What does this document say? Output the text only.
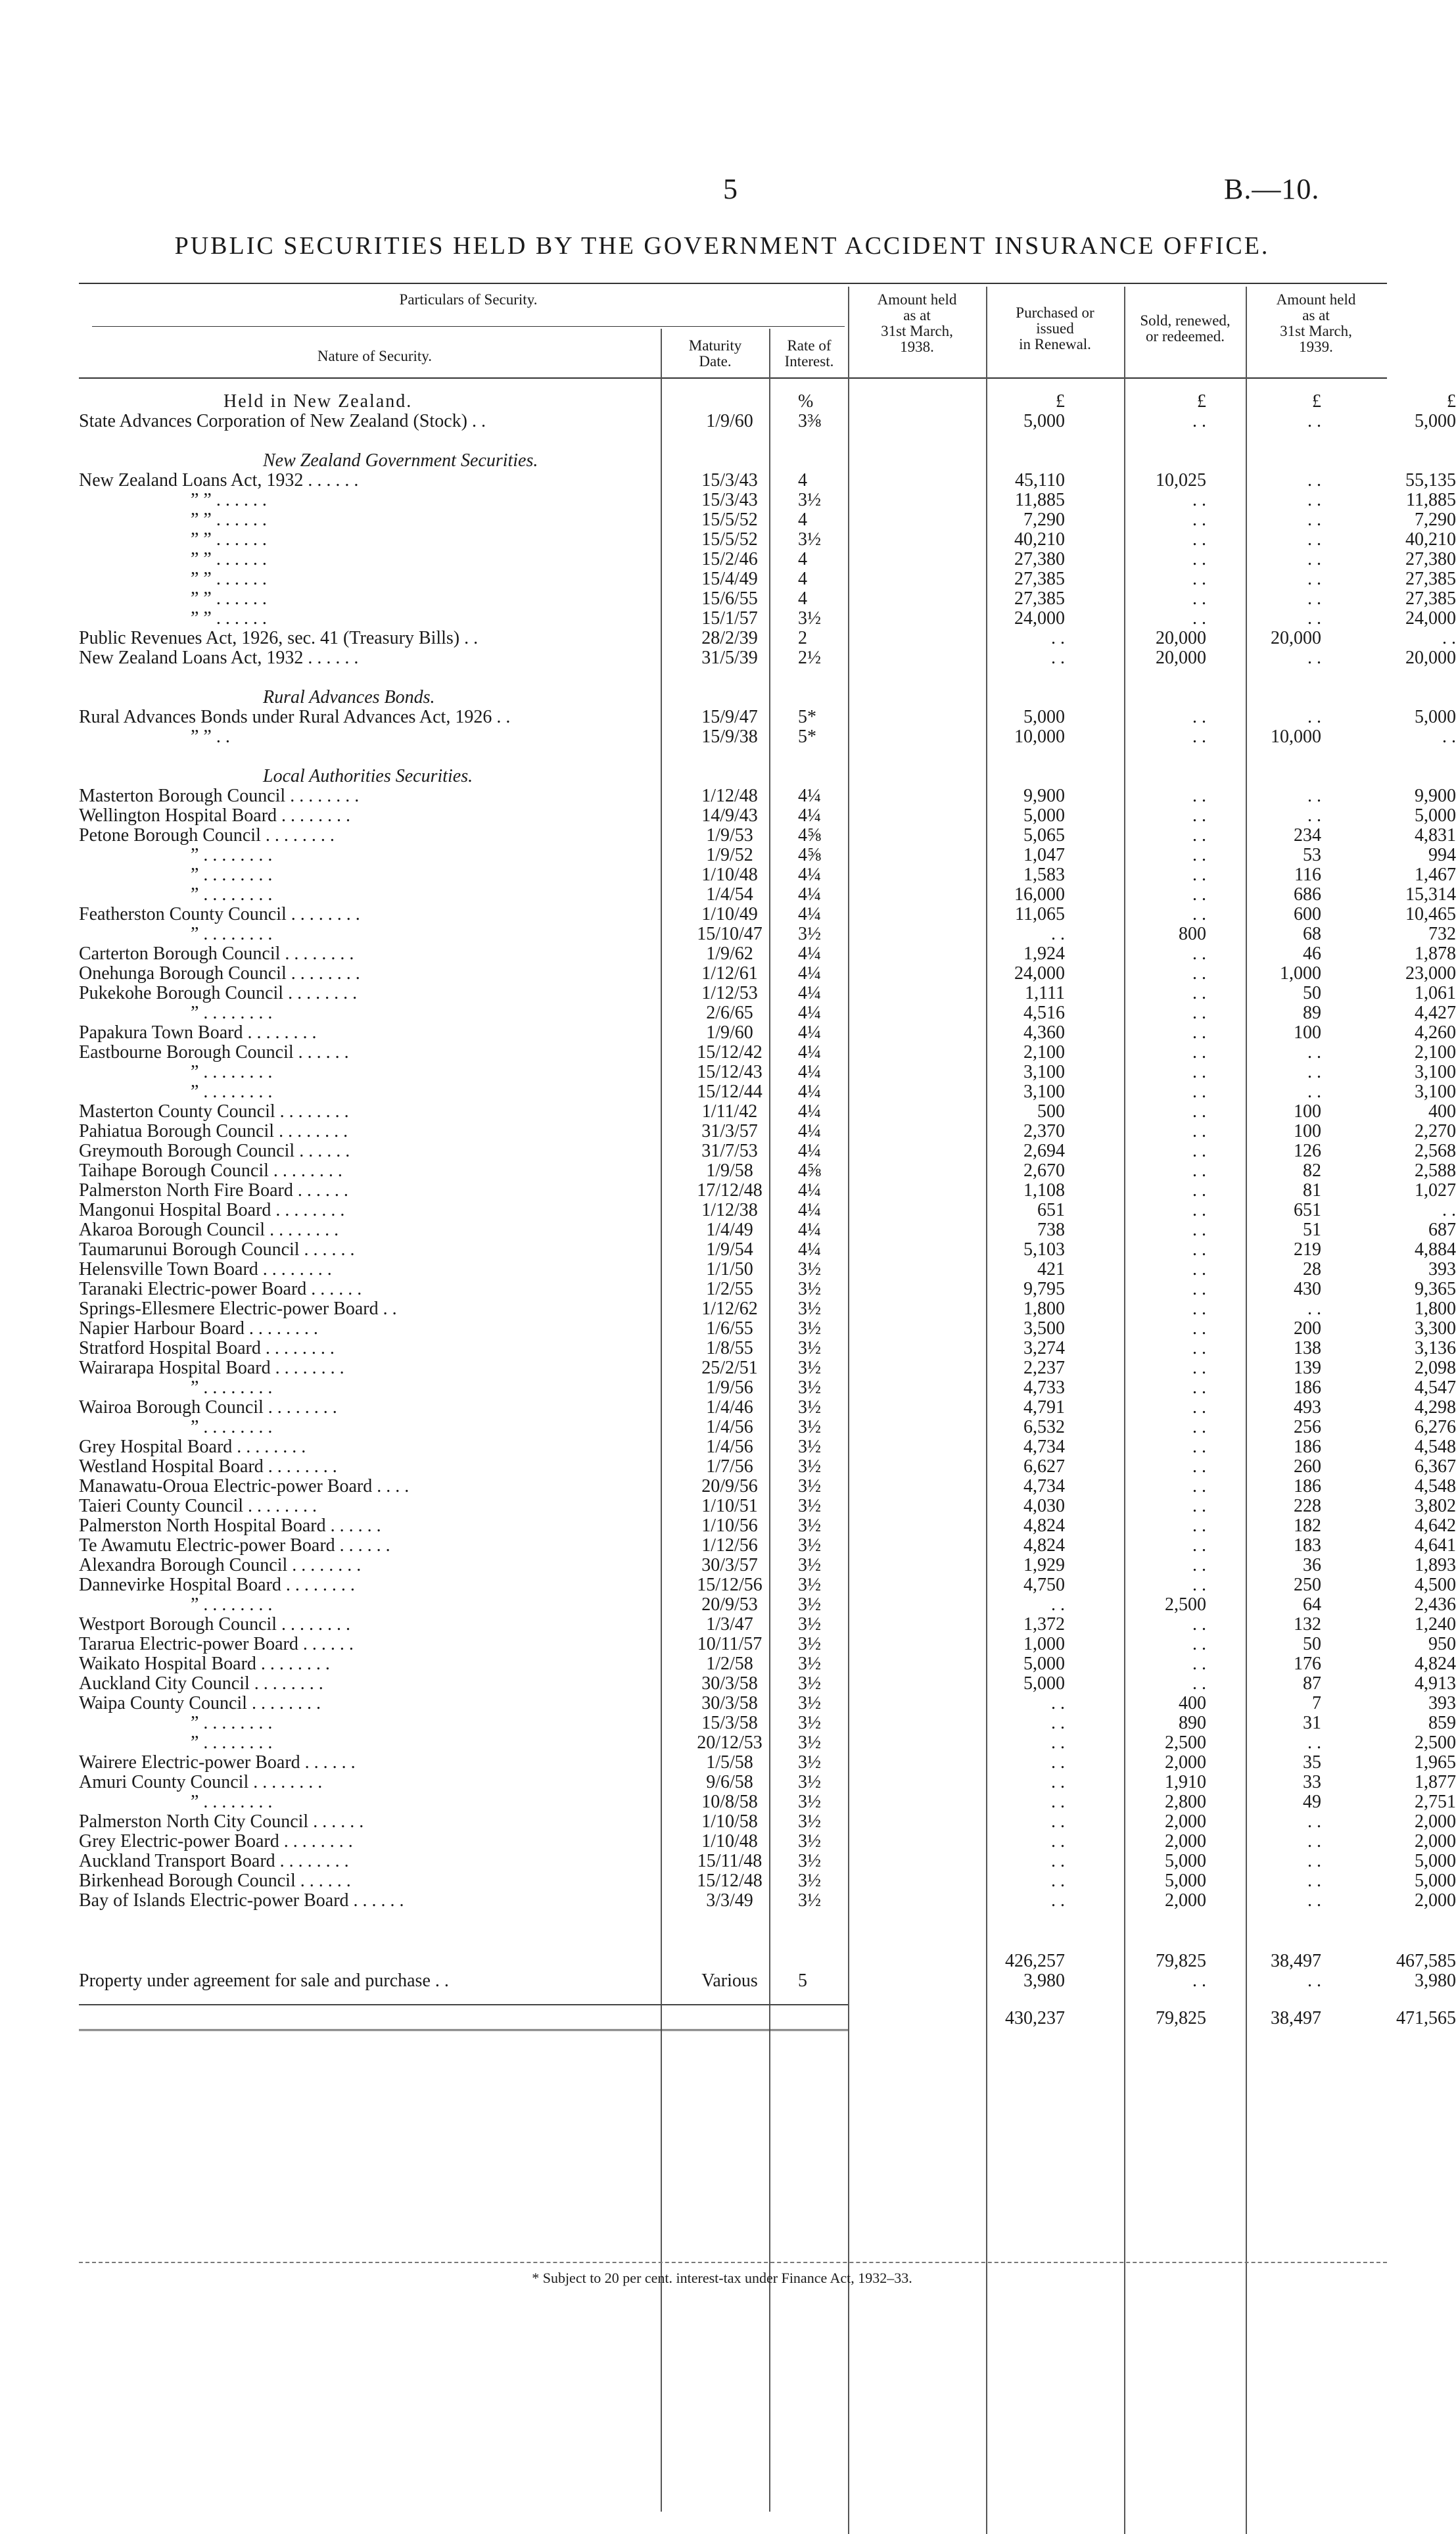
5	B.—10.
PUBLIC SECURITIES HELD BY THE GOVERNMENT ACCIDENT INSURANCE OFFICE.
Particulars of Security.
Nature of Security.
Maturity
Date.
Rate of
Interest.
Amount held
as at
31st March,
1938.
Purchased or
issued
in Renewal.
Sold, renewed,
or redeemed.
Amount held
as at
31st March,
1939.
Held in New Zealand.	%	£	£	£	£
State Advances Corporation of New Zealand (Stock) . .	1/9/60	3⅜	5,000	. .	. .	5,000
New Zealand Government Securities.
New Zealand Loans Act, 1932 . . . . . .	15/3/43	4	45,110	10,025	. .	55,135
” ” . . . . . .	15/3/43	3½	11,885	. .	. .	11,885
” ” . . . . . .	15/5/52	4	7,290	. .	. .	7,290
” ” . . . . . .	15/5/52	3½	40,210	. .	. .	40,210
” ” . . . . . .	15/2/46	4	27,380	. .	. .	27,380
” ” . . . . . .	15/4/49	4	27,385	. .	. .	27,385
” ” . . . . . .	15/6/55	4	27,385	. .	. .	27,385
” ” . . . . . .	15/1/57	3½	24,000	. .	. .	24,000
Public Revenues Act, 1926, sec. 41 (Treasury Bills) . .	28/2/39	2	. .	20,000	20,000	. .
New Zealand Loans Act, 1932 . . . . . .	31/5/39	2½	. .	20,000	. .	20,000
Rural Advances Bonds.
Rural Advances Bonds under Rural Advances Act, 1926 . .	15/9/47	5*	5,000	. .	. .	5,000
” ” . .	15/9/38	5*	10,000	. .	10,000	. .
Local Authorities Securities.
Masterton Borough Council . . . . . . . .	1/12/48	4¼	9,900	. .	. .	9,900
Wellington Hospital Board . . . . . . . .	14/9/43	4¼	5,000	. .	. .	5,000
Petone Borough Council . . . . . . . .	1/9/53	4⅝	5,065	. .	234	4,831
” . . . . . . . .	1/9/52	4⅝	1,047	. .	53	994
” . . . . . . . .	1/10/48	4¼	1,583	. .	116	1,467
” . . . . . . . .	1/4/54	4¼	16,000	. .	686	15,314
Featherston County Council . . . . . . . .	1/10/49	4¼	11,065	. .	600	10,465
” . . . . . . . .	15/10/47	3½	. .	800	68	732
Carterton Borough Council . . . . . . . .	1/9/62	4¼	1,924	. .	46	1,878
Onehunga Borough Council . . . . . . . .	1/12/61	4¼	24,000	. .	1,000	23,000
Pukekohe Borough Council . . . . . . . .	1/12/53	4¼	1,111	. .	50	1,061
” . . . . . . . .	2/6/65	4¼	4,516	. .	89	4,427
Papakura Town Board . . . . . . . .	1/9/60	4¼	4,360	. .	100	4,260
Eastbourne Borough Council . . . . . .	15/12/42	4¼	2,100	. .	. .	2,100
” . . . . . . . .	15/12/43	4¼	3,100	. .	. .	3,100
” . . . . . . . .	15/12/44	4¼	3,100	. .	. .	3,100
Masterton County Council . . . . . . . .	1/11/42	4¼	500	. .	100	400
Pahiatua Borough Council . . . . . . . .	31/3/57	4¼	2,370	. .	100	2,270
Greymouth Borough Council . . . . . .	31/7/53	4¼	2,694	. .	126	2,568
Taihape Borough Council . . . . . . . .	1/9/58	4⅝	2,670	. .	82	2,588
Palmerston North Fire Board . . . . . .	17/12/48	4¼	1,108	. .	81	1,027
Mangonui Hospital Board . . . . . . . .	1/12/38	4¼	651	. .	651	. .
Akaroa Borough Council . . . . . . . .	1/4/49	4¼	738	. .	51	687
Taumarunui Borough Council . . . . . .	1/9/54	4¼	5,103	. .	219	4,884
Helensville Town Board . . . . . . . .	1/1/50	3½	421	. .	28	393
Taranaki Electric-power Board . . . . . .	1/2/55	3½	9,795	. .	430	9,365
Springs-Ellesmere Electric-power Board . .	1/12/62	3½	1,800	. .	. .	1,800
Napier Harbour Board . . . . . . . .	1/6/55	3½	3,500	. .	200	3,300
Stratford Hospital Board . . . . . . . .	1/8/55	3½	3,274	. .	138	3,136
Wairarapa Hospital Board . . . . . . . .	25/2/51	3½	2,237	. .	139	2,098
” . . . . . . . .	1/9/56	3½	4,733	. .	186	4,547
Wairoa Borough Council . . . . . . . .	1/4/46	3½	4,791	. .	493	4,298
” . . . . . . . .	1/4/56	3½	6,532	. .	256	6,276
Grey Hospital Board . . . . . . . .	1/4/56	3½	4,734	. .	186	4,548
Westland Hospital Board . . . . . . . .	1/7/56	3½	6,627	. .	260	6,367
Manawatu-Oroua Electric-power Board . . . .	20/9/56	3½	4,734	. .	186	4,548
Taieri County Council . . . . . . . .	1/10/51	3½	4,030	. .	228	3,802
Palmerston North Hospital Board . . . . . .	1/10/56	3½	4,824	. .	182	4,642
Te Awamutu Electric-power Board . . . . . .	1/12/56	3½	4,824	. .	183	4,641
Alexandra Borough Council . . . . . . . .	30/3/57	3½	1,929	. .	36	1,893
Dannevirke Hospital Board . . . . . . . .	15/12/56	3½	4,750	. .	250	4,500
” . . . . . . . .	20/9/53	3½	. .	2,500	64	2,436
Westport Borough Council . . . . . . . .	1/3/47	3½	1,372	. .	132	1,240
Tararua Electric-power Board . . . . . .	10/11/57	3½	1,000	. .	50	950
Waikato Hospital Board . . . . . . . .	1/2/58	3½	5,000	. .	176	4,824
Auckland City Council . . . . . . . .	30/3/58	3½	5,000	. .	87	4,913
Waipa County Council . . . . . . . .	30/3/58	3½	. .	400	7	393
” . . . . . . . .	15/3/58	3½	. .	890	31	859
” . . . . . . . .	20/12/53	3½	. .	2,500	. .	2,500
Wairere Electric-power Board . . . . . .	1/5/58	3½	. .	2,000	35	1,965
Amuri County Council . . . . . . . .	9/6/58	3½	. .	1,910	33	1,877
” . . . . . . . .	10/8/58	3½	. .	2,800	49	2,751
Palmerston North City Council . . . . . .	1/10/58	3½	. .	2,000	. .	2,000
Grey Electric-power Board . . . . . . . .	1/10/48	3½	. .	2,000	. .	2,000
Auckland Transport Board . . . . . . . .	15/11/48	3½	. .	5,000	. .	5,000
Birkenhead Borough Council . . . . . .	15/12/48	3½	. .	5,000	. .	5,000
Bay of Islands Electric-power Board . . . . . .	3/3/49	3½	. .	2,000	. .	2,000
426,257	79,825	38,497	467,585
Property under agreement for sale and purchase . .	Various	5	3,980	. .	. .	3,980
430,237	79,825	38,497	471,565
* Subject to 20 per cent. interest-tax under Finance Act, 1932–33.
